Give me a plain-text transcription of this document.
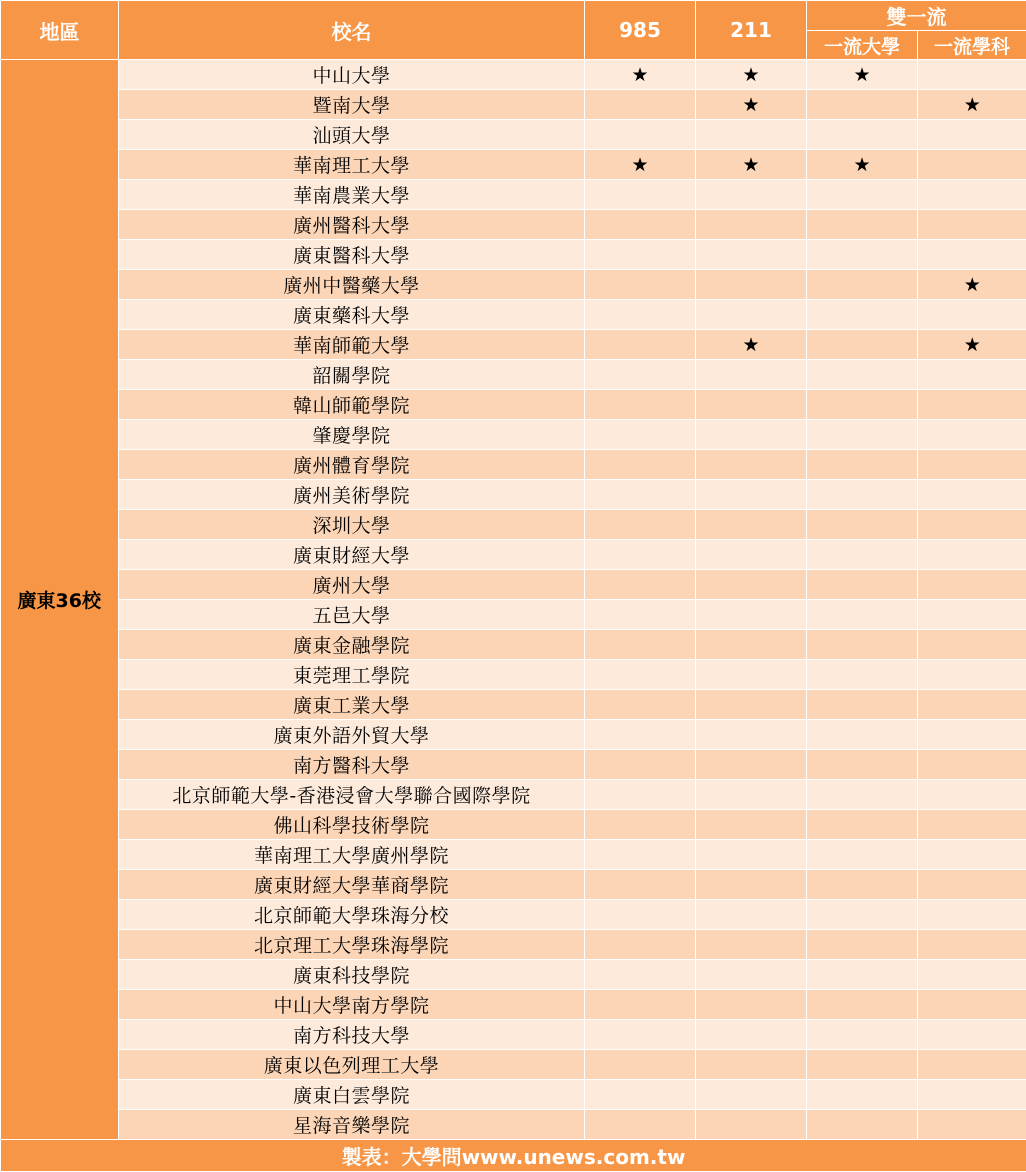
地區	校名	985	211	雙一流	
				一流大學	一流學科
廣東36校	中山大學	★	★	★	
	暨南大學		★		★
	汕頭大學				
	華南理工大學	★	★	★	
	華南農業大學				
	廣州醫科大學				
	廣東醫科大學				
	廣州中醫藥大學				★
	廣東藥科大學				
	華南師範大學		★		★
	韶關學院				
	韓山師範學院				
	肇慶學院				
	廣州體育學院				
	廣州美術學院				
	深圳大學				
	廣東財經大學				
	廣州大學				
	五邑大學				
	廣東金融學院				
	東莞理工學院				
	廣東工業大學				
	廣東外語外貿大學				
	南方醫科大學				
	北京師範大學-香港浸會大學聯合國際學院				
	佛山科學技術學院				
	華南理工大學廣州學院				
	廣東財經大學華商學院				
	北京師範大學珠海分校				
	北京理工大學珠海學院				
	廣東科技學院				
	中山大學南方學院				
	南方科技大學				
	廣東以色列理工大學				
	廣東白雲學院				
	星海音樂學院				
製表：大學問www.unews.com.tw					
